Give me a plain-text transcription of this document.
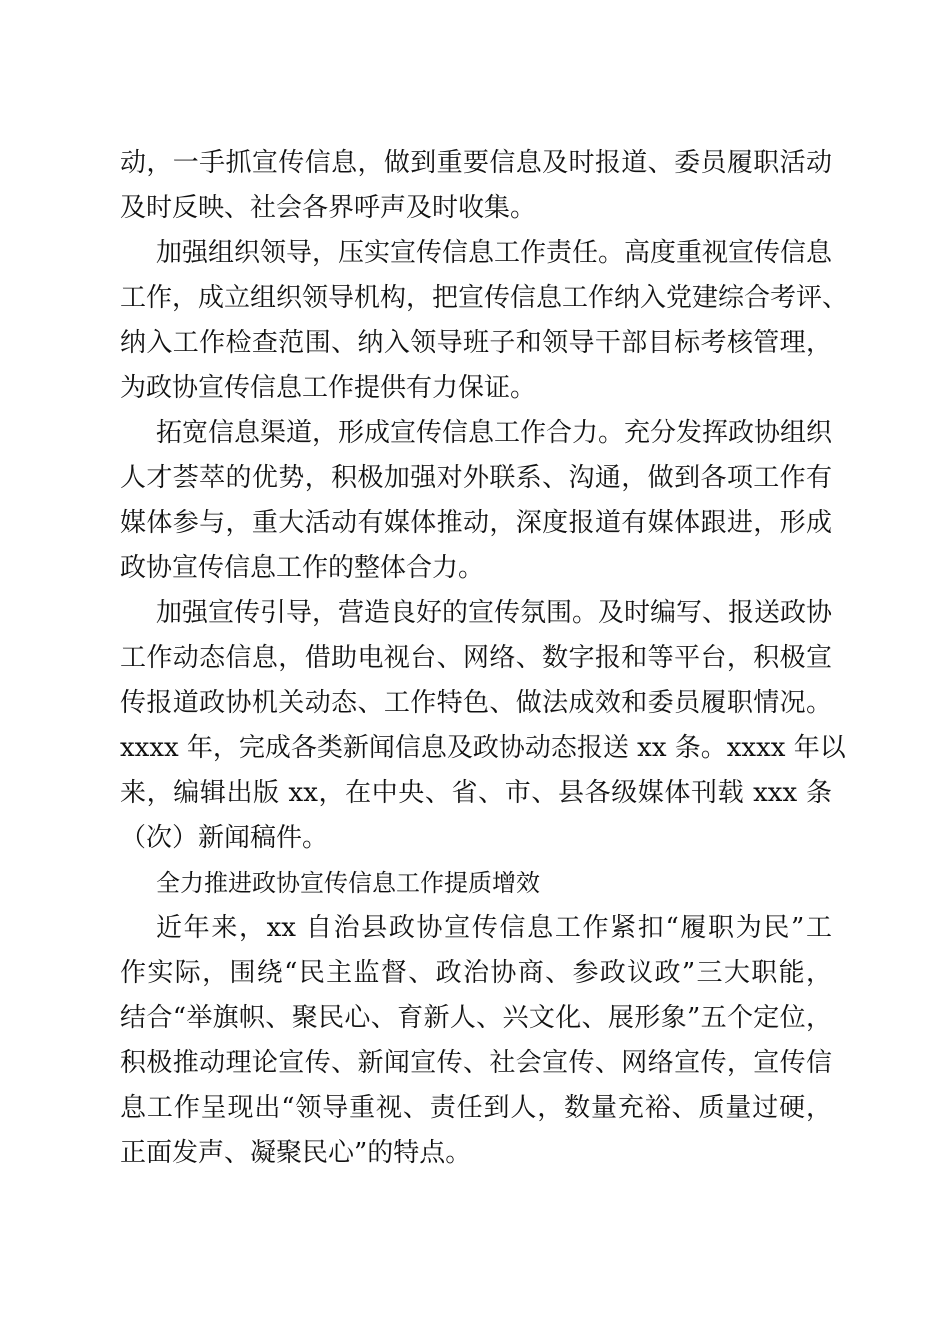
动，一手抓宣传信息，做到重要信息及时报道、委员履职活动
及时反映、社会各界呼声及时收集。
加强组织领导，压实宣传信息工作责任。高度重视宣传信息
工作，成立组织领导机构，把宣传信息工作纳入党建综合考评、
纳入工作检查范围、纳入领导班子和领导干部目标考核管理，
为政协宣传信息工作提供有力保证。
拓宽信息渠道，形成宣传信息工作合力。充分发挥政协组织
人才荟萃的优势，积极加强对外联系、沟通，做到各项工作有
媒体参与，重大活动有媒体推动，深度报道有媒体跟进，形成
政协宣传信息工作的整体合力。
加强宣传引导，营造良好的宣传氛围。及时编写、报送政协
工作动态信息，借助电视台、网络、数字报和等平台，积极宣
传报道政协机关动态、工作特色、做法成效和委员履职情况。
xxxx 年，完成各类新闻信息及政协动态报送 xx 条。xxxx 年以
来，编辑出版 xx，在中央、省、市、县各级媒体刊载 xxx 条
（次）新闻稿件。
全力推进政协宣传信息工作提质增效
近年来，xx 自治县政协宣传信息工作紧扣“履职为民”工
作实际，围绕“民主监督、政治协商、参政议政”三大职能，
结合“举旗帜、聚民心、育新人、兴文化、展形象”五个定位，
积极推动理论宣传、新闻宣传、社会宣传、网络宣传，宣传信
息工作呈现出“领导重视、责任到人，数量充裕、质量过硬，
正面发声、凝聚民心”的特点。
